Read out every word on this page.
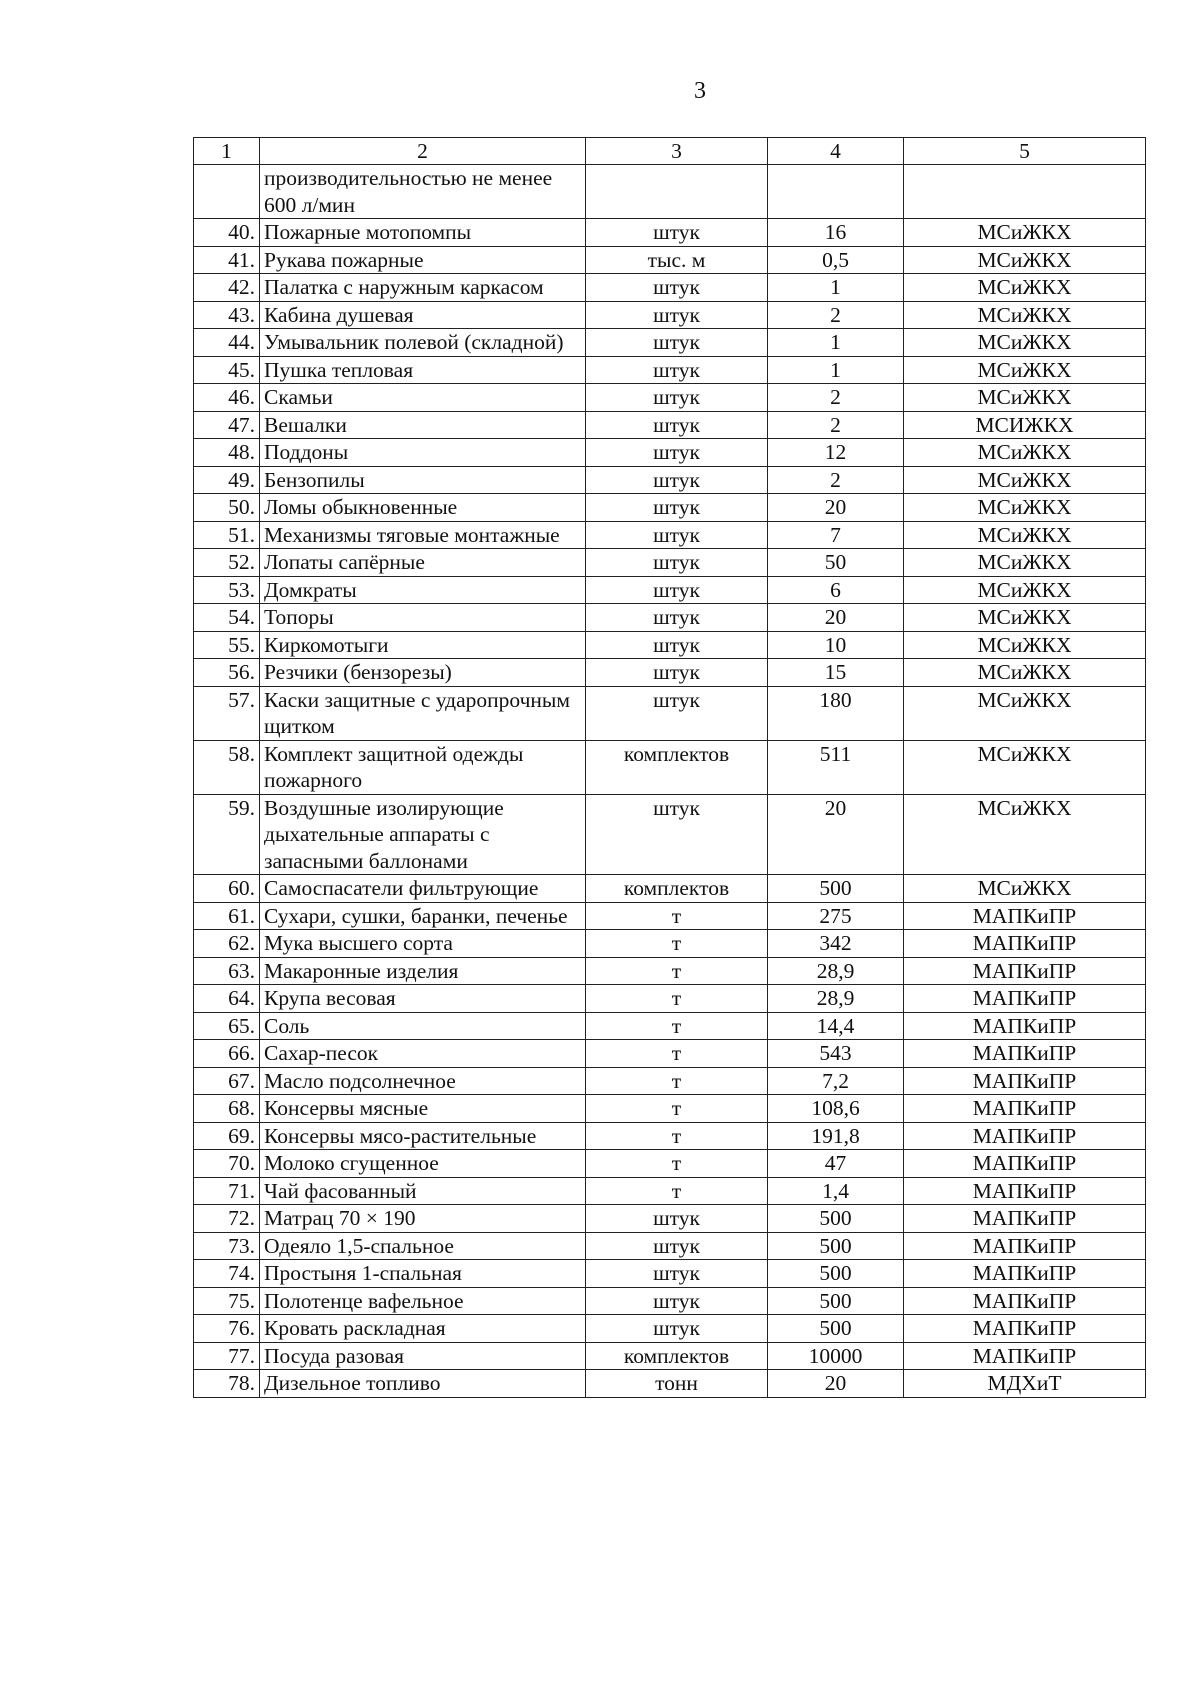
3
1	2	3	4	5
	производительностью не менее 600 л/мин			
40.	Пожарные мотопомпы	штук	16	МСиЖКХ
41.	Рукава пожарные	тыс. м	0,5	МСиЖКХ
42.	Палатка с наружным каркасом	штук	1	МСиЖКХ
43.	Кабина душевая	штук	2	МСиЖКХ
44.	Умывальник полевой (складной)	штук	1	МСиЖКХ
45.	Пушка тепловая	штук	1	МСиЖКХ
46.	Скамьи	штук	2	МСиЖКХ
47.	Вешалки	штук	2	МСИЖКХ
48.	Поддоны	штук	12	МСиЖКХ
49.	Бензопилы	штук	2	МСиЖКХ
50.	Ломы обыкновенные	штук	20	МСиЖКХ
51.	Механизмы тяговые монтажные	штук	7	МСиЖКХ
52.	Лопаты сапёрные	штук	50	МСиЖКХ
53.	Домкраты	штук	6	МСиЖКХ
54.	Топоры	штук	20	МСиЖКХ
55.	Киркомотыги	штук	10	МСиЖКХ
56.	Резчики (бензорезы)	штук	15	МСиЖКХ
57.	Каски защитные с ударопрочным щитком	штук	180	МСиЖКХ
58.	Комплект защитной одежды пожарного	комплектов	511	МСиЖКХ
59.	Воздушные изолирующие дыхательные аппараты с запасными баллонами	штук	20	МСиЖКХ
60.	Самоспасатели фильтрующие	комплектов	500	МСиЖКХ
61.	Сухари, сушки, баранки, печенье	т	275	МАПКиПР
62.	Мука высшего сорта	т	342	МАПКиПР
63.	Макаронные изделия	т	28,9	МАПКиПР
64.	Крупа весовая	т	28,9	МАПКиПР
65.	Соль	т	14,4	МАПКиПР
66.	Сахар-песок	т	543	МАПКиПР
67.	Масло подсолнечное	т	7,2	МАПКиПР
68.	Консервы мясные	т	108,6	МАПКиПР
69.	Консервы мясо-растительные	т	191,8	МАПКиПР
70.	Молоко сгущенное	т	47	МАПКиПР
71.	Чай фасованный	т	1,4	МАПКиПР
72.	Матрац 70 × 190	штук	500	МАПКиПР
73.	Одеяло 1,5-спальное	штук	500	МАПКиПР
74.	Простыня 1-спальная	штук	500	МАПКиПР
75.	Полотенце вафельное	штук	500	МАПКиПР
76.	Кровать раскладная	штук	500	МАПКиПР
77.	Посуда разовая	комплектов	10000	МАПКиПР
78.	Дизельное топливо	тонн	20	МДХиТ
